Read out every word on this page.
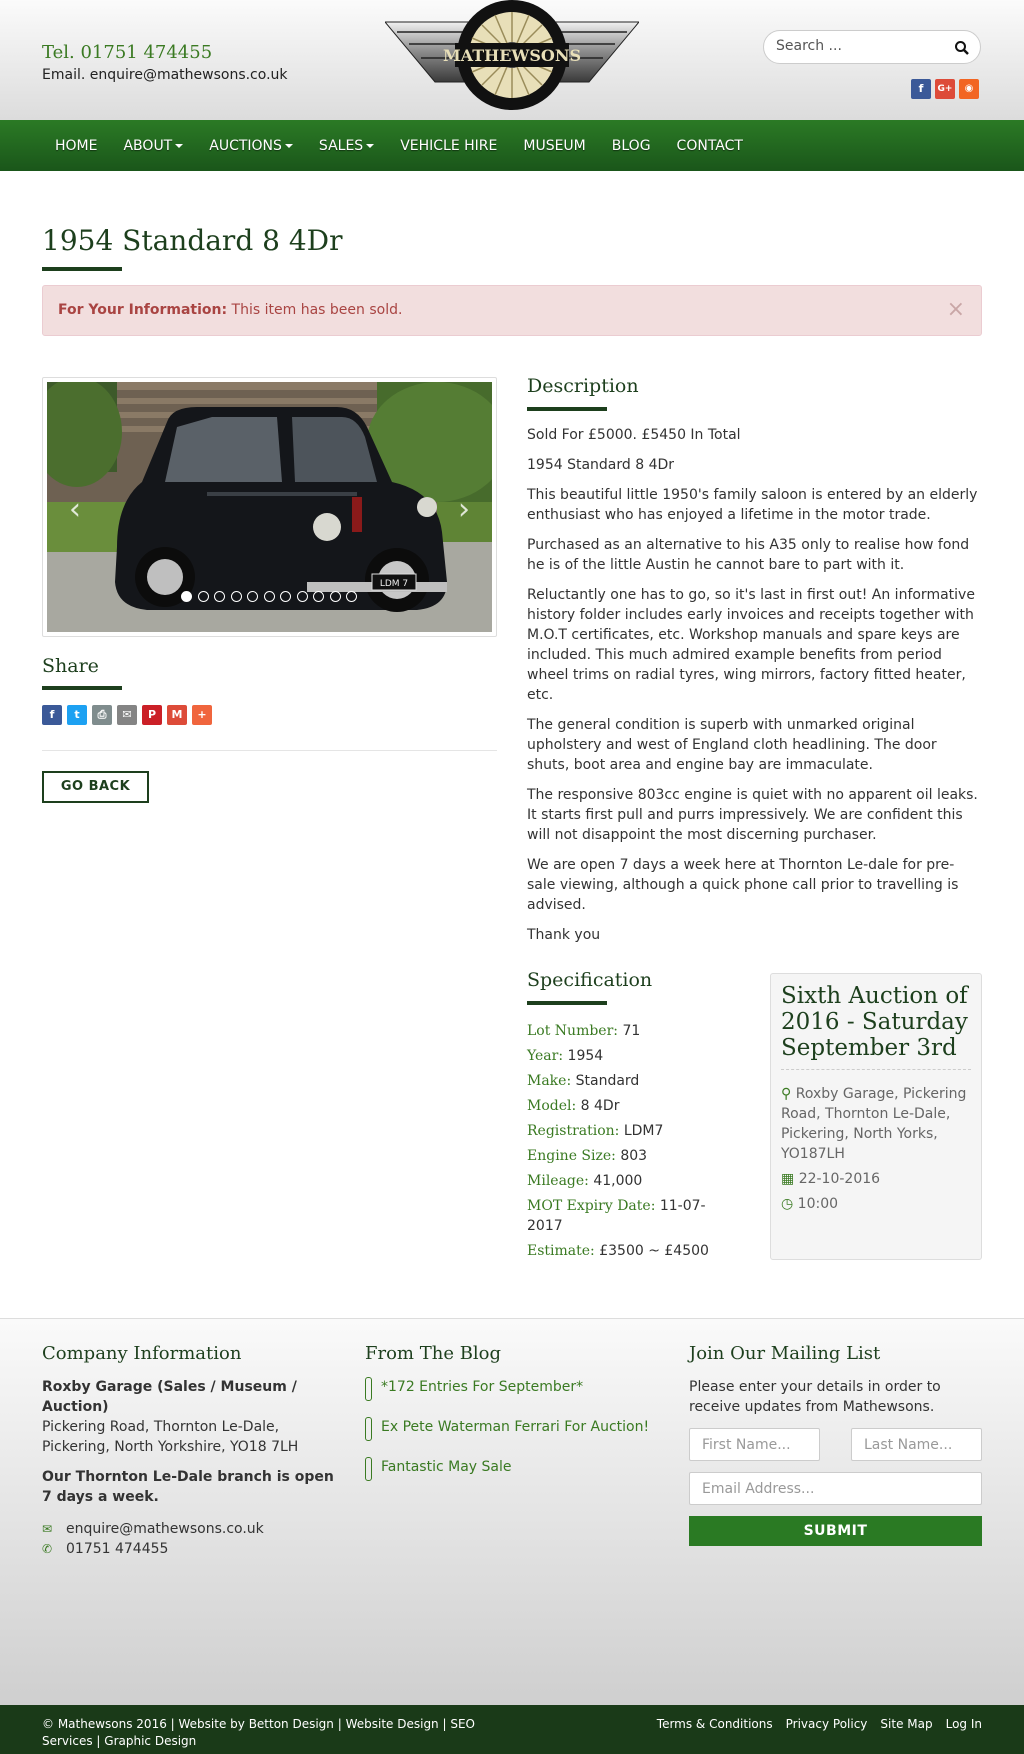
Tel. 01751 474455
Email. enquire@mathewsons.co.uk
MATHEWSONS
Search ...
f	G+	◉
HOME ABOUT	AUCTIONS	SALES	VEHICLE HIRE MUSEUM BLOG CONTACT
1954 Standard 8 4Dr
For Your Information: This item has been sold.	×
LDM 7
‹	›
Share
f	t	⎙	✉	P	M	+
GO BACK
Description

Sold For £5000. £5450 In Total

1954 Standard 8 4Dr

This beautiful little 1950's family saloon is entered by an elderly enthusiast who has enjoyed a lifetime in the motor trade.

Purchased as an alternative to his A35 only to realise how fond he is of the little Austin he cannot bare to part with it.

Reluctantly one has to go, so it's last in first out! An informative history folder includes early invoices and receipts together with M.O.T certificates, etc. Workshop manuals and spare keys are included. This much admired example benefits from period wheel trims on radial tyres, wing mirrors, factory fitted heater, etc.

The general condition is superb with unmarked original upholstery and west of England cloth headlining. The door shuts, boot area and engine bay are immaculate.

The responsive 803cc engine is quiet with no apparent oil leaks. It starts first pull and purrs impressively. We are confident this will not disappoint the most discerning purchaser.

We are open 7 days a week here at Thornton Le-dale for pre-sale viewing, although a quick phone call prior to travelling is advised.

Thank you

Specification
Lot Number: 71
Year: 1954
Make: Standard
Model: 8 4Dr
Registration: LDM7
Engine Size: 803
Mileage: 41,000
MOT Expiry Date: 11-07-2017
Estimate: £3500 ~ £4500
Sixth Auction of 2016 - Saturday September 3rd
⚲ Roxby Garage, Pickering Road, Thornton Le-Dale, Pickering, North Yorks, YO187LH
▦ 22-10-2016
◷ 10:00
Company Information
Roxby Garage (Sales / Museum / Auction)
Pickering Road, Thornton Le-Dale, Pickering, North Yorkshire, YO18 7LH
Our Thornton Le-Dale branch is open 7 days a week.
✉ enquire@mathewsons.co.uk
✆ 01751 474455
From The Blog
*172 Entries For September*
Ex Pete Waterman Ferrari For Auction!
Fantastic May Sale
Join Our Mailing List
Please enter your details in order to receive updates from Mathewsons.
First Name...
Last Name...
Email Address...
SUBMIT
© Mathewsons 2016 | Website by Betton Design | Website Design | SEO Services | Graphic Design
Terms & Conditions Privacy Policy Site Map Log In
